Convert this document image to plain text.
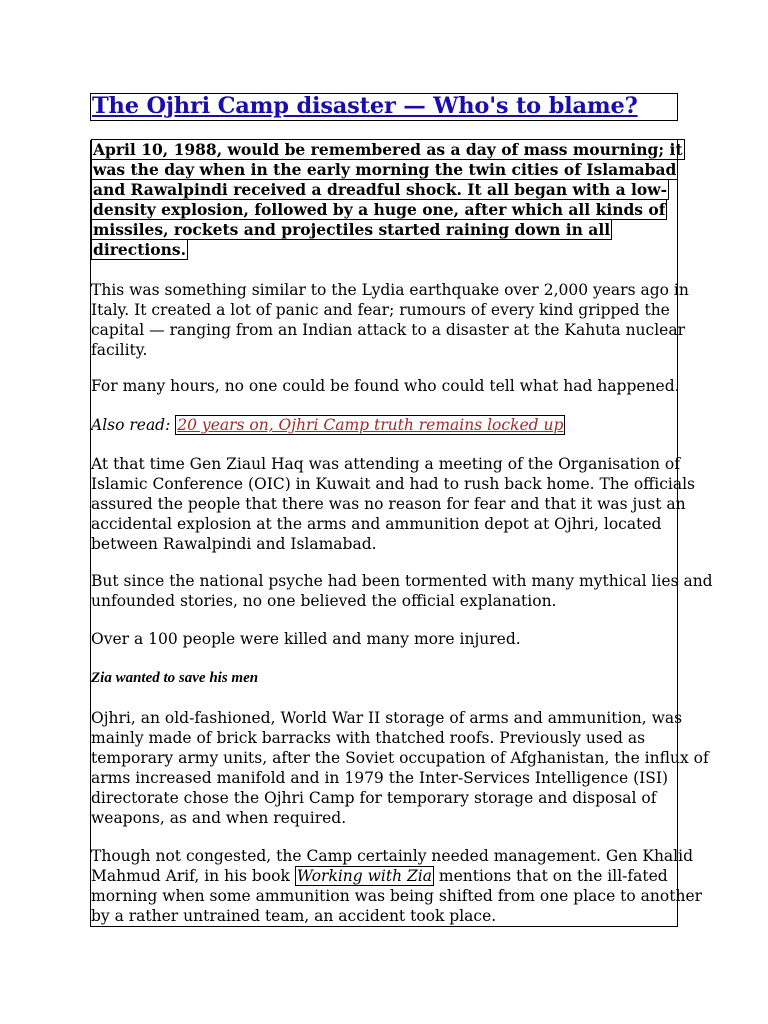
The Ojhri Camp disaster — Who's to blame?
April 10, 1988, would be remembered as a day of mass mourning; it
was the day when in the early morning the twin cities of Islamabad
and Rawalpindi received a dreadful shock. It all began with a low-
density explosion, followed by a huge one, after which all kinds of
missiles, rockets and projectiles started raining down in all
directions.
This was something similar to the Lydia earthquake over 2,000 years ago in
Italy. It created a lot of panic and fear; rumours of every kind gripped the
capital — ranging from an Indian attack to a disaster at the Kahuta nuclear
facility.
For many hours, no one could be found who could tell what had happened.
Also read: 20 years on, Ojhri Camp truth remains locked up
At that time Gen Ziaul Haq was attending a meeting of the Organisation of
Islamic Conference (OIC) in Kuwait and had to rush back home. The officials
assured the people that there was no reason for fear and that it was just an
accidental explosion at the arms and ammunition depot at Ojhri, located
between Rawalpindi and Islamabad.
But since the national psyche had been tormented with many mythical lies and
unfounded stories, no one believed the official explanation.
Over a 100 people were killed and many more injured.
Zia wanted to save his men
Ojhri, an old-fashioned, World War II storage of arms and ammunition, was
mainly made of brick barracks with thatched roofs. Previously used as
temporary army units, after the Soviet occupation of Afghanistan, the influx of
arms increased manifold and in 1979 the Inter-Services Intelligence (ISI)
directorate chose the Ojhri Camp for temporary storage and disposal of
weapons, as and when required.
Though not congested, the Camp certainly needed management. Gen Khalid
Mahmud Arif, in his book Working with Zia mentions that on the ill-fated
morning when some ammunition was being shifted from one place to another
by a rather untrained team, an accident took place.
